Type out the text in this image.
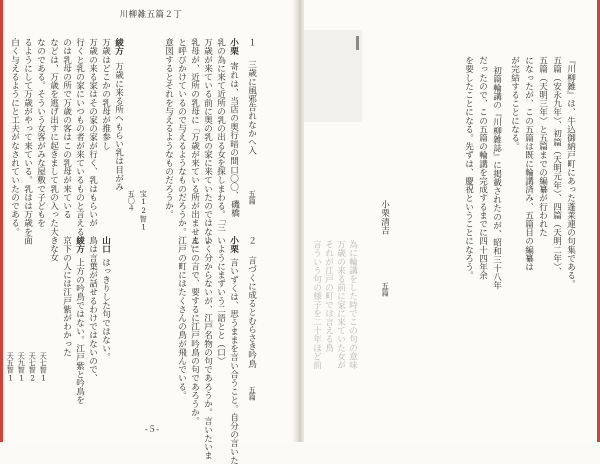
川柳雑五篇２丁
１
三歳に風邪告れなかへ入
五篇
小栗
寄れは、当店の奥行暗の間口〇〇、
乳の為に来て近所の乳の出る女を探しまわる。「三
万歳が来ている前に奥の乳の家に来ていたのではない
乳母が、近所の乳母に「万歳が来ている所が出ません」
と呼びかけているので与えるようなものだろうか。
意図するとそれを与えるようなものだろうか。
宝12智1
五〇４
綾方
万歳に来る所へもらい乳は目がみ
万歳はどこかの乳母が推参し
万歳の来る家はその家の家が行く、乳はもらいが
行くと乳の家にいつもの者が来ているものと言える
のは乳母の所で万歳の客はこの乳母が来ている
などは、万歳を逃げ出すに起きまして乳の入った大きな女
なのである。そういう女客がみな屋敷で子どもを
るようにして万歳がやって来ている。乳はは万歳を面
白く与えるようにと工夫がなされていたのである。	磯橋
２
言づくに成るとむらさき吟鳥
五篇
小栗
言いずくは、思うままを言い合うこと。自分の言いた
いようにまずいう二語とと（口）
よく分からないが、江戸名物の句であろうか。言いたいま
まにの言で、要するに江戸吟鳥の句であろうか。
江戸の町にはたくさんの鳥が飛んでいる。
山口
はっきりした句ではない。
鳥は言葉が話せるわけではないので、
綾方
上方の吟鳥ではない。江戸紫と吟鳥を
京下の人には江戸紫がわかった
天七智1
天七智2
天九智1
天五智1
‑５‑
為に輪講をした時でこの句の意味
万歳の来る前に家に来ていた女が
それが江戸の町では言える鳥
言ういう句の様子を二十年ほど前
小栗清吉
五篇
『川柳雑』は、牛込御納戸町にあった蓬莱連の句集である。
五篇（安永九年）、初篇（天明元年）、四篇（天明二年）、
五篇（天明三年）と五篇までの編纂が行われた
になったが、この五篇は既に輪講済み、五篇目の編纂は
が完結することになる。
初篇輪講の『川柳雑誌』に掲載されたのが、昭和三十八年
だったので、この五篇の輪講を完成するまでに四十四年余
を要したことになる。先ずは、慶祝ということになろう。
